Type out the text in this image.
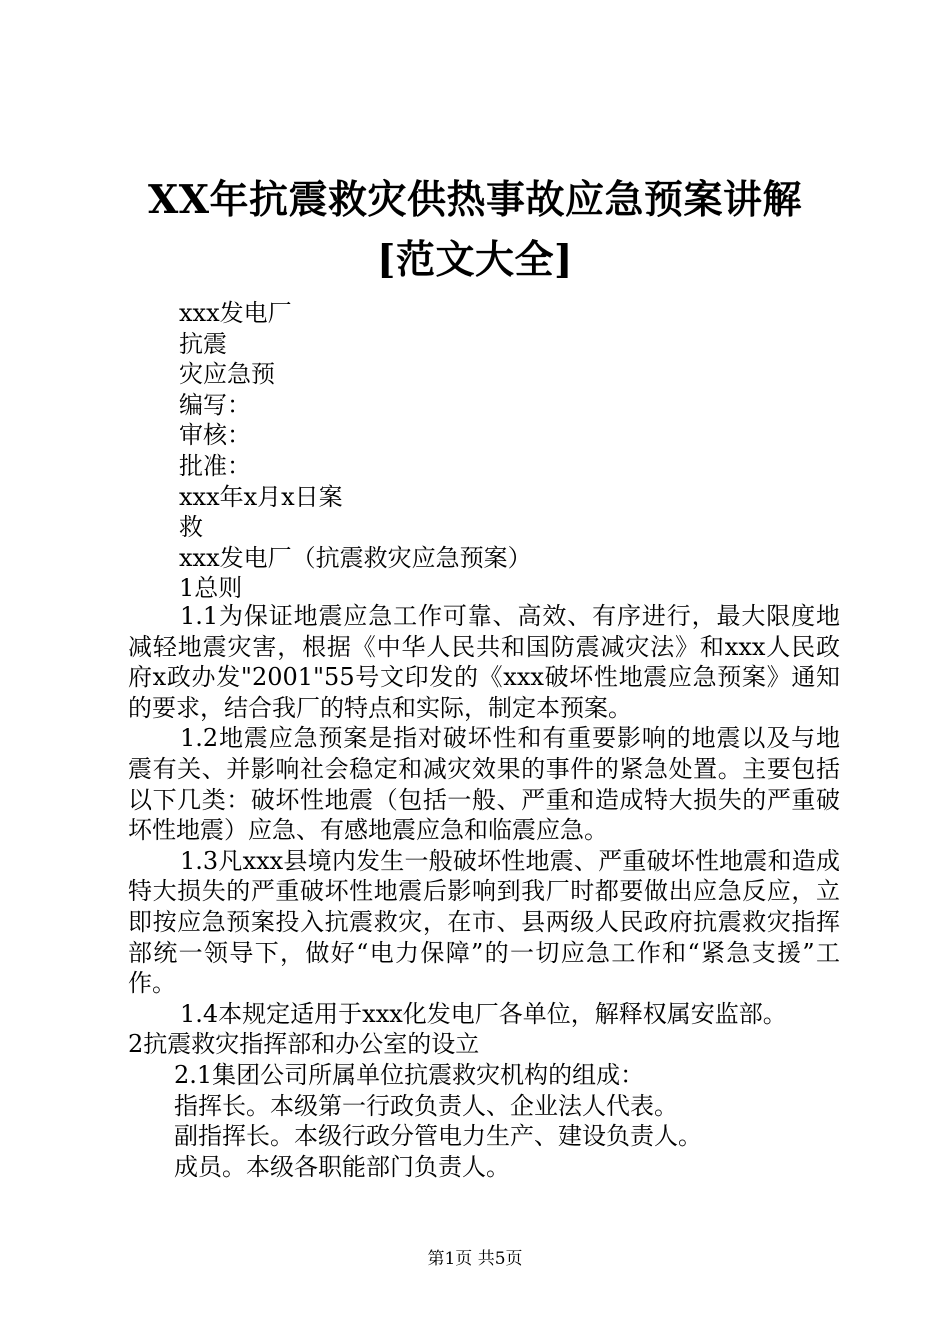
XX年抗震救灾供热事故应急预案讲解[范文大全]
xxx发电厂
抗震
灾应急预
编写：
审核：
批准：
xxx年x月x日案
救
xxx发电厂（抗震救灾应急预案）
1总则

1.1为保证地震应急工作可靠、高效、有序进行，最大限度地减轻地震灾害，根据《中华人民共和国防震减灾法》和xxx人民政府x政办发"2001"55号文印发的《xxx破坏性地震应急预案》通知的要求，结合我厂的特点和实际，制定本预案。

1.2地震应急预案是指对破坏性和有重要影响的地震以及与地震有关、并影响社会稳定和减灾效果的事件的紧急处置。主要包括以下几类：破坏性地震（包括一般、严重和造成特大损失的严重破坏性地震）应急、有感地震应急和临震应急。

1.3凡xxx县境内发生一般破坏性地震、严重破坏性地震和造成特大损失的严重破坏性地震后影响到我厂时都要做出应急反应，立即按应急预案投入抗震救灾，在市、县两级人民政府抗震救灾指挥部统一领导下，做好“电力保障”的一切应急工作和“紧急支援”工作。

1.4本规定适用于xxx化发电厂各单位，解释权属安监部。

2抗震救灾指挥部和办公室的设立

2.1集团公司所属单位抗震救灾机构的组成：

指挥长。本级第一行政负责人、企业法人代表。

副指挥长。本级行政分管电力生产、建设负责人。

成员。本级各职能部门负责人。

第1页 共5页
